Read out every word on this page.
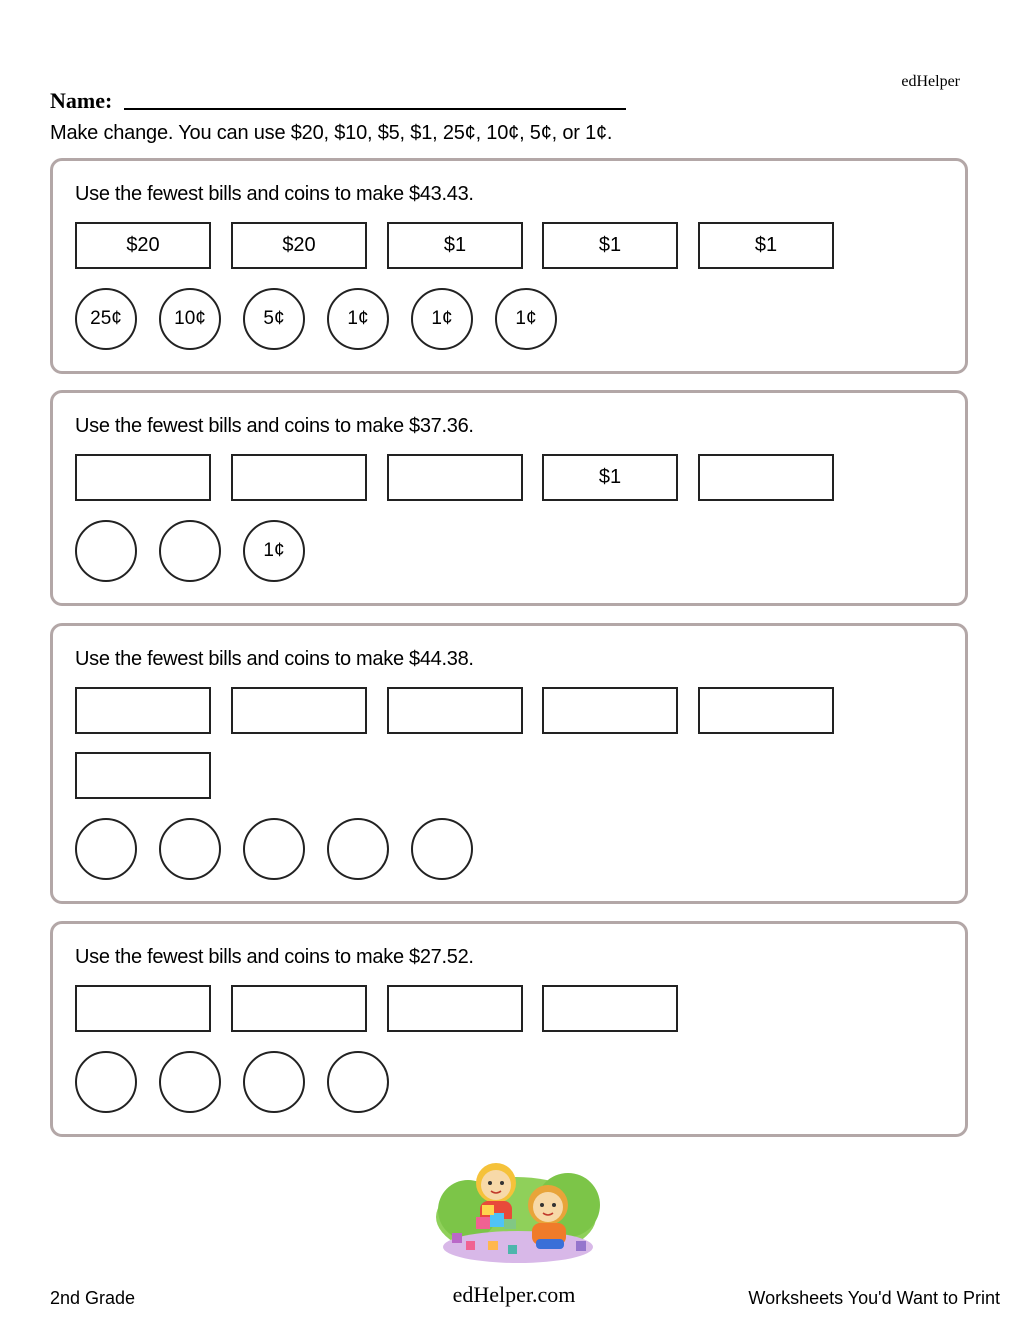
edHelper
Name:
Make change. You can use $20, $10, $5, $1, 25¢, 10¢, 5¢, or 1¢.
Use the fewest bills and coins to make $43.43.
$20	$20	$1	$1	$1
25¢	10¢	5¢	1¢	1¢	1¢
Use the fewest bills and coins to make $37.36.
$1
1¢
Use the fewest bills and coins to make $44.38.
Use the fewest bills and coins to make $27.52.
2nd Grade	edHelper.com	Worksheets You'd Want to Print
